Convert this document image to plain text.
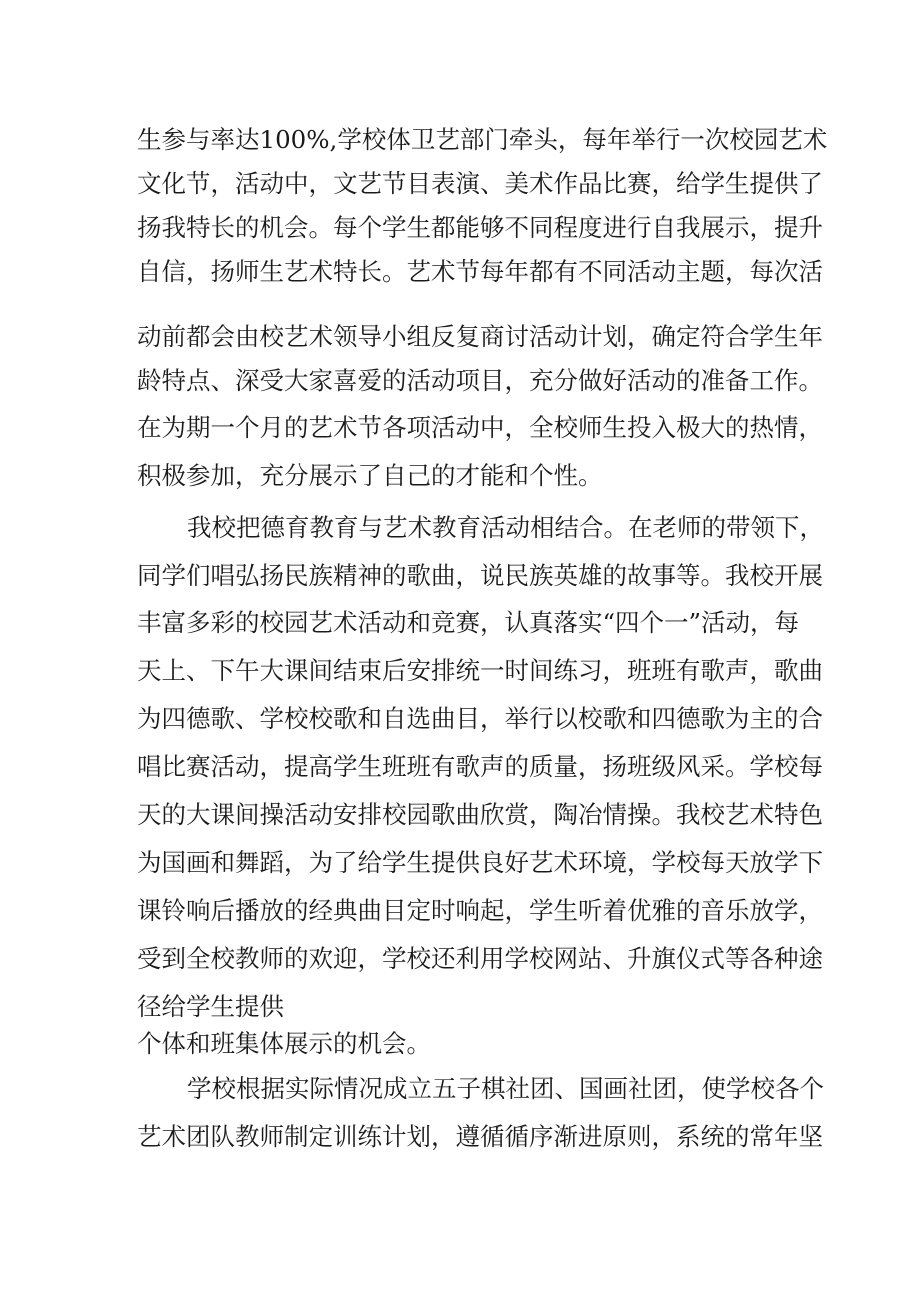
生参与率达100%,学校体卫艺部门牵头，每年举行一次校园艺术
文化节，活动中，文艺节目表演、美术作品比赛，给学生提供了
扬我特长的机会。每个学生都能够不同程度进行自我展示，提升
自信，扬师生艺术特长。艺术节每年都有不同活动主题，每次活
动前都会由校艺术领导小组反复商讨活动计划，确定符合学生年
龄特点、深受大家喜爱的活动项目，充分做好活动的准备工作。
在为期一个月的艺术节各项活动中，全校师生投入极大的热情，
积极参加，充分展示了自己的才能和个性。
我校把德育教育与艺术教育活动相结合。在老师的带领下，
同学们唱弘扬民族精神的歌曲，说民族英雄的故事等。我校开展
丰富多彩的校园艺术活动和竞赛，认真落实“四个一”活动，每
天上、下午大课间结束后安排统一时间练习，班班有歌声，歌曲
为四德歌、学校校歌和自选曲目，举行以校歌和四德歌为主的合
唱比赛活动，提高学生班班有歌声的质量，扬班级风采。学校每
天的大课间操活动安排校园歌曲欣赏，陶冶情操。我校艺术特色
为国画和舞蹈，为了给学生提供良好艺术环境，学校每天放学下
课铃响后播放的经典曲目定时响起，学生听着优雅的音乐放学，
受到全校教师的欢迎，学校还利用学校网站、升旗仪式等各种途
径给学生提供
个体和班集体展示的机会。
学校根据实际情况成立五子棋社团、国画社团，使学校各个
艺术团队教师制定训练计划，遵循循序渐进原则，系统的常年坚
